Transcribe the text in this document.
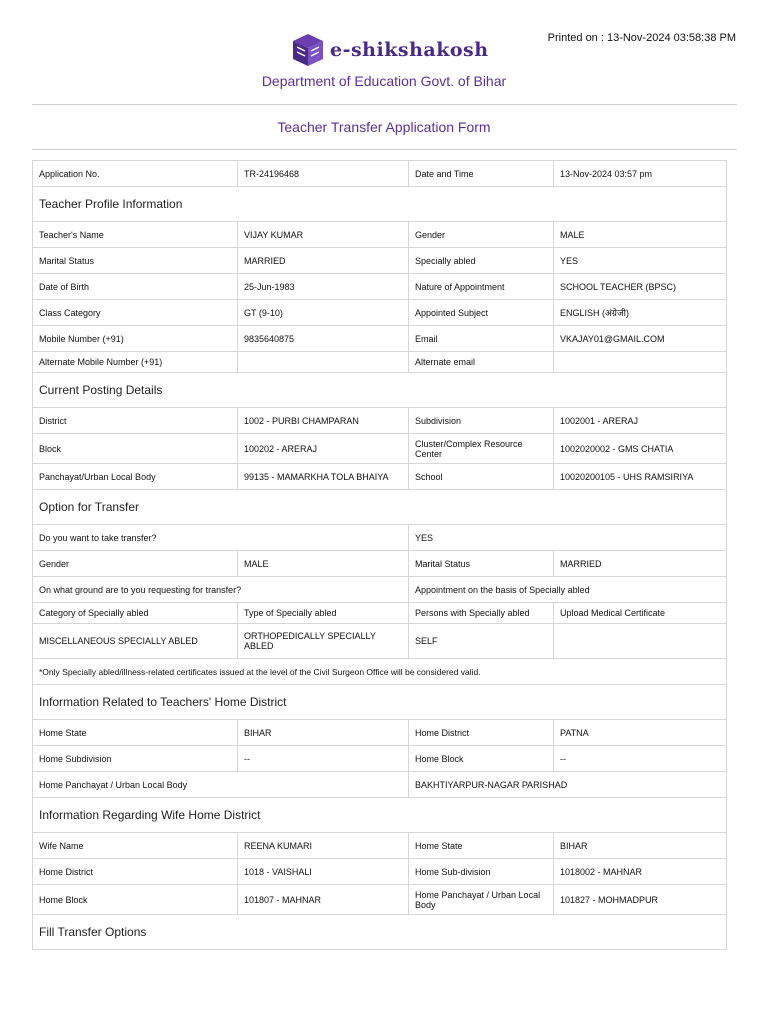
e-shikshakosh
Printed on : 13-Nov-2024 03:58:38 PM
Department of Education Govt. of Bihar
Teacher Transfer Application Form
Application No.	TR-24196468	Date and Time	13-Nov-2024 03:57 pm
Teacher Profile Information			
Teacher's Name	VIJAY KUMAR	Gender	MALE
Marital Status	MARRIED	Specially abled	YES
Date of Birth	25-Jun-1983	Nature of Appointment	SCHOOL TEACHER (BPSC)
Class Category	GT (9-10)	Appointed Subject	ENGLISH (अंग्रेजी)
Mobile Number (+91)	9835640875	Email	VKAJAY01@GMAIL.COM
Alternate Mobile Number (+91)		Alternate email	
Current Posting Details			
District	1002 - PURBI CHAMPARAN	Subdivision	1002001 - ARERAJ
Block	100202 - ARERAJ	Cluster/Complex Resource Center	1002020002 - GMS CHATIA
Panchayat/Urban Local Body	99135 - MAMARKHA TOLA BHAIYA	School	10020200105 - UHS RAMSIRIYA
Option for Transfer			
Do you want to take transfer?		YES	
Gender	MALE	Marital Status	MARRIED
On what ground are to you requesting for transfer?		Appointment on the basis of Specially abled	
Category of Specially abled	Type of Specially abled	Persons with Specially abled	Upload Medical Certificate
MISCELLANEOUS SPECIALLY ABLED	ORTHOPEDICALLY SPECIALLY ABLED	SELF	
*Only Specially abled/illness-related certificates issued at the level of the Civil Surgeon Office will be considered valid.			
Information Related to Teachers' Home District			
Home State	BIHAR	Home District	PATNA
Home Subdivision	--	Home Block	--
Home Panchayat / Urban Local Body		BAKHTIYARPUR-NAGAR PARISHAD	
Information Regarding Wife Home District			
Wife Name	REENA KUMARI	Home State	BIHAR
Home District	1018 - VAISHALI	Home Sub-division	1018002 - MAHNAR
Home Block	101807 - MAHNAR	Home Panchayat / Urban Local Body	101827 - MOHMADPUR
Fill Transfer Options			
